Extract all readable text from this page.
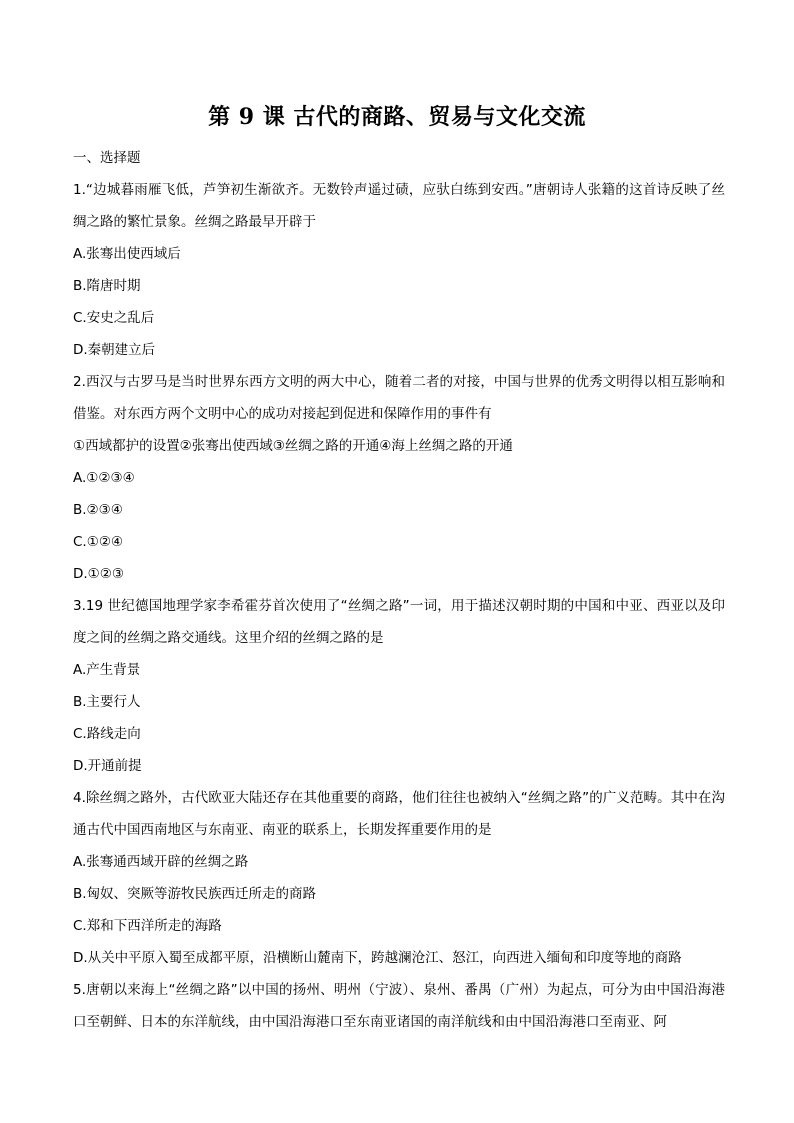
第 9 课 古代的商路、贸易与文化交流
一、选择题
1.“边城暮雨雁飞低，芦笋初生渐欲齐。无数铃声遥过碛，应驮白练到安西。”唐朝诗人张籍的这首诗反映了丝绸之路的繁忙景象。丝绸之路最早开辟于
A.张骞出使西域后
B.隋唐时期
C.安史之乱后
D.秦朝建立后
2.西汉与古罗马是当时世界东西方文明的两大中心，随着二者的对接，中国与世界的优秀文明得以相互影响和借鉴。对东西方两个文明中心的成功对接起到促进和保障作用的事件有
①西域都护的设置②张骞出使西域③丝绸之路的开通④海上丝绸之路的开通
A.①②③④
B.②③④
C.①②④
D.①②③
3.19 世纪德国地理学家李希霍芬首次使用了“丝绸之路”一词，用于描述汉朝时期的中国和中亚、西亚以及印度之间的丝绸之路交通线。这里介绍的丝绸之路的是
A.产生背景
B.主要行人
C.路线走向
D.开通前提
4.除丝绸之路外，古代欧亚大陆还存在其他重要的商路，他们往往也被纳入“丝绸之路”的广义范畴。其中在沟通古代中国西南地区与东南亚、南亚的联系上，长期发挥重要作用的是
A.张骞通西域开辟的丝绸之路
B.匈奴、突厥等游牧民族西迁所走的商路
C.郑和下西洋所走的海路
D.从关中平原入蜀至成都平原，沿横断山麓南下，跨越澜沧江、怒江，向西进入缅甸和印度等地的商路
5.唐朝以来海上“丝绸之路”以中国的扬州、明州（宁波）、泉州、番禺（广州）为起点，可分为由中国沿海港口至朝鲜、日本的东洋航线，由中国沿海港口至东南亚诸国的南洋航线和由中国沿海港口至南亚、阿
